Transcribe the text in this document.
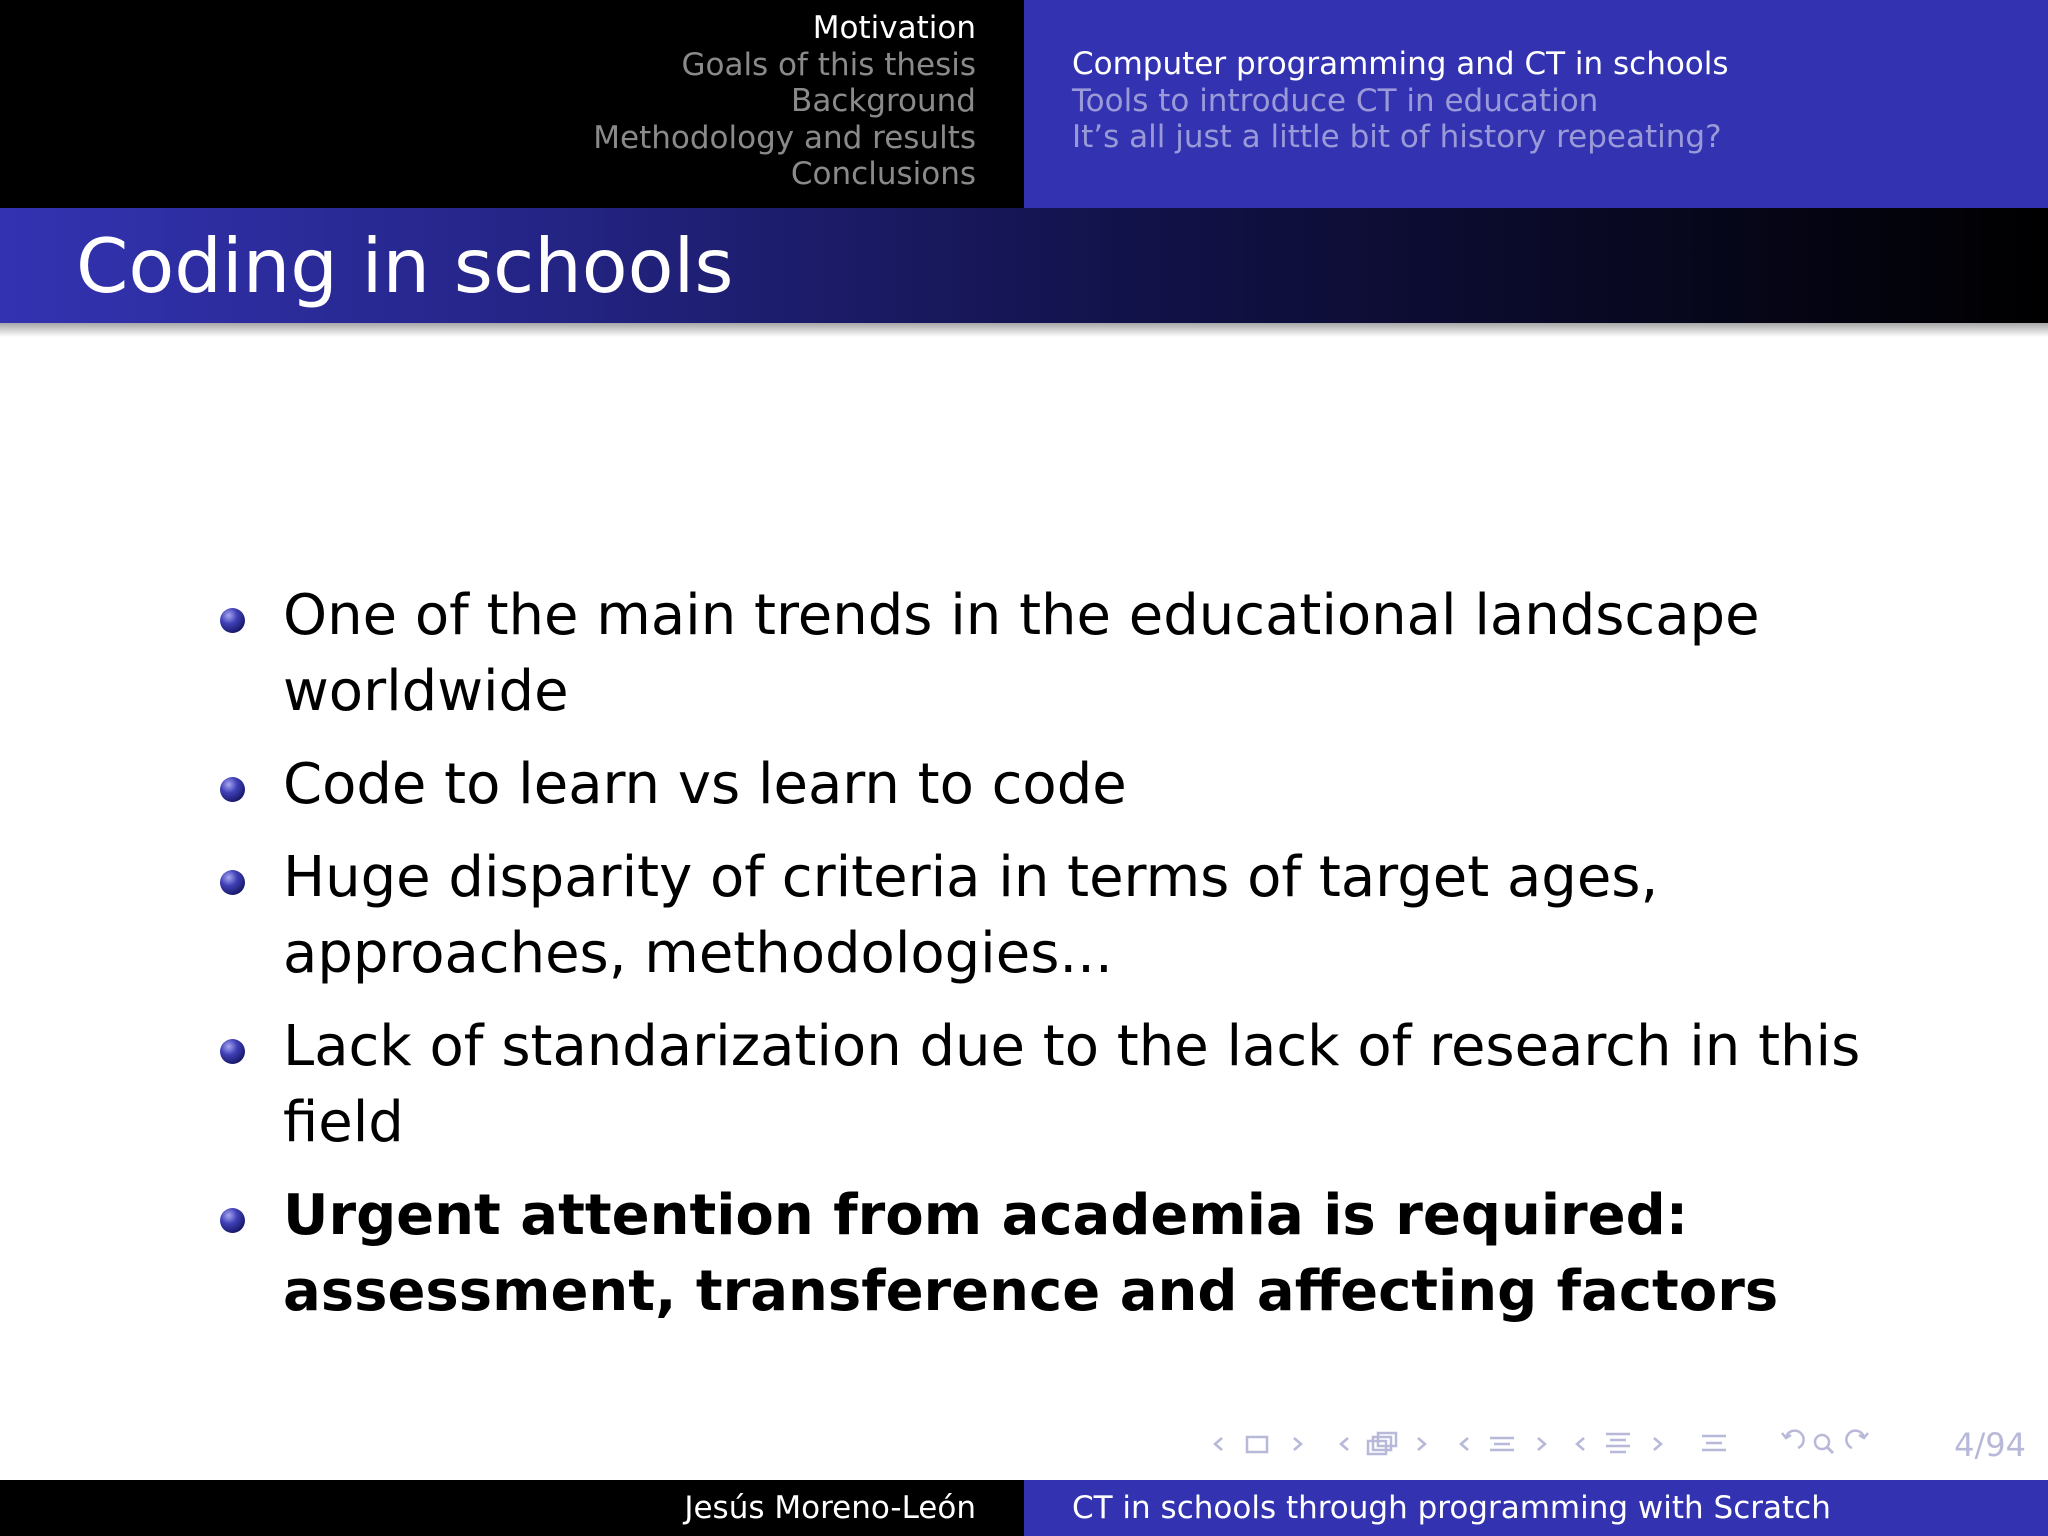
Motivation
Goals of this thesis
Background
Methodology and results
Conclusions
Computer programming and CT in schools
Tools to introduce CT in education
It’s all just a little bit of history repeating?
Coding in schools
One of the main trends in the educational landscape worldwide
Code to learn vs learn to code
Huge disparity of criteria in terms of target ages, approaches, methodologies...
Lack of standarization due to the lack of research in this field
Urgent attention from academia is required: assessment, transference and affecting factors
4/94
Jesús Moreno-León	CT in schools through programming with Scratch
